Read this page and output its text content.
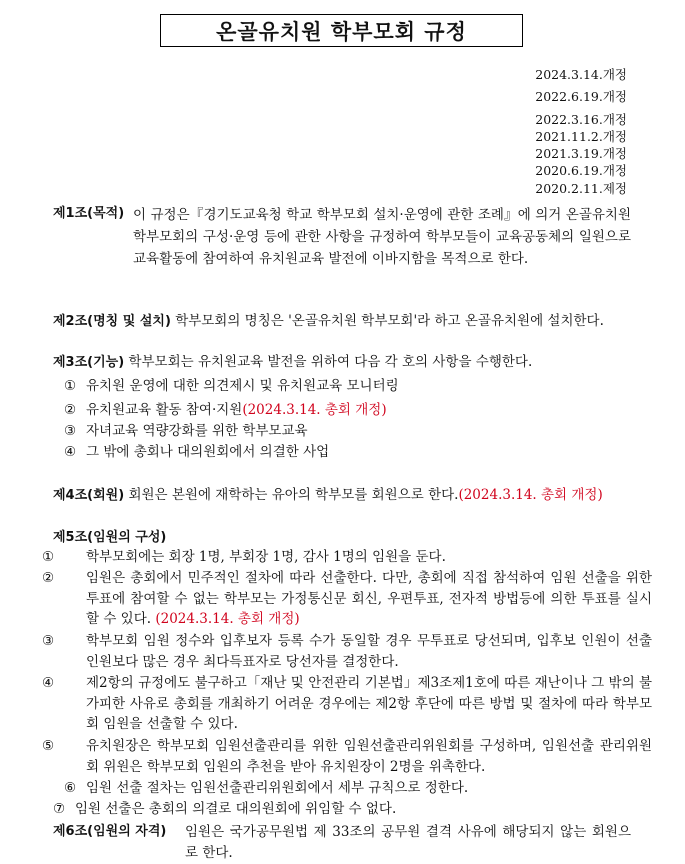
온골유치원 학부모회 규정
2024.3.14.개정
2022.6.19.개정
2022.3.16.개정
2021.11.2.개정
2021.3.19.개정
2020.6.19.개정
2020.2.11.제정
제1조(목적) 이 규정은『경기도교육청 학교 학부모회 설치·운영에 관한 조례』에 의거 온골유치원 학부모회의 구성·운영 등에 관한 사항을 규정하여 학부모들이 교육공동체의 일원으로 교육활동에 참여하여 유치원교육 발전에 이바지함을 목적으로 한다.
제2조(명칭 및 설치) 학부모회의 명칭은 '온골유치원 학부모회'라 하고 온골유치원에 설치한다.
제3조(기능) 학부모회는 유치원교육 발전을 위하여 다음 각 호의 사항을 수행한다.
① 유치원 운영에 대한 의견제시 및 유치원교육 모니터링
② 유치원교육 활동 참여·지원(2024.3.14. 총회 개정)
③ 자녀교육 역량강화를 위한 학부모교육
④ 그 밖에 총회나 대의원회에서 의결한 사업
제4조(회원) 회원은 본원에 재학하는 유아의 학부모를 회원으로 한다.(2024.3.14. 총회 개정)
제5조(임원의 구성)
① 학부모회에는 회장 1명, 부회장 1명, 감사 1명의 임원을 둔다.
② 임원은 총회에서 민주적인 절차에 따라 선출한다. 다만, 총회에 직접 참석하여 임원 선출을 위한 투표에 참여할 수 없는 학부모는 가정통신문 회신, 우편투표, 전자적 방법등에 의한 투표를 실시할 수 있다. (2024.3.14. 총회 개정)
③ 학부모회 임원 정수와 입후보자 등록 수가 동일할 경우 무투표로 당선되며, 입후보 인원이 선출 인원보다 많은 경우 최다득표자로 당선자를 결정한다.
④ 제2항의 규정에도 불구하고「재난 및 안전관리 기본법」제3조제1호에 따른 재난이나 그 밖의 불가피한 사유로 총회를 개최하기 어려운 경우에는 제2항 후단에 따른 방법 및 절차에 따라 학부모회 임원을 선출할 수 있다.
⑤ 유치원장은 학부모회 임원선출관리를 위한 임원선출관리위원회를 구성하며, 임원선출 관리위원회 위원은 학부모회 임원의 추천을 받아 유치원장이 2명을 위촉한다.
⑥ 임원 선출 절차는 임원선출관리위원회에서 세부 규칙으로 정한다.
⑦ 임원 선출은 총회의 의결로 대의원회에 위임할 수 없다.
제6조(임원의 자격)	임원은 국가공무원법 제 33조의 공무원 결격 사유에 해당되지 않는 회원으로 한다.
